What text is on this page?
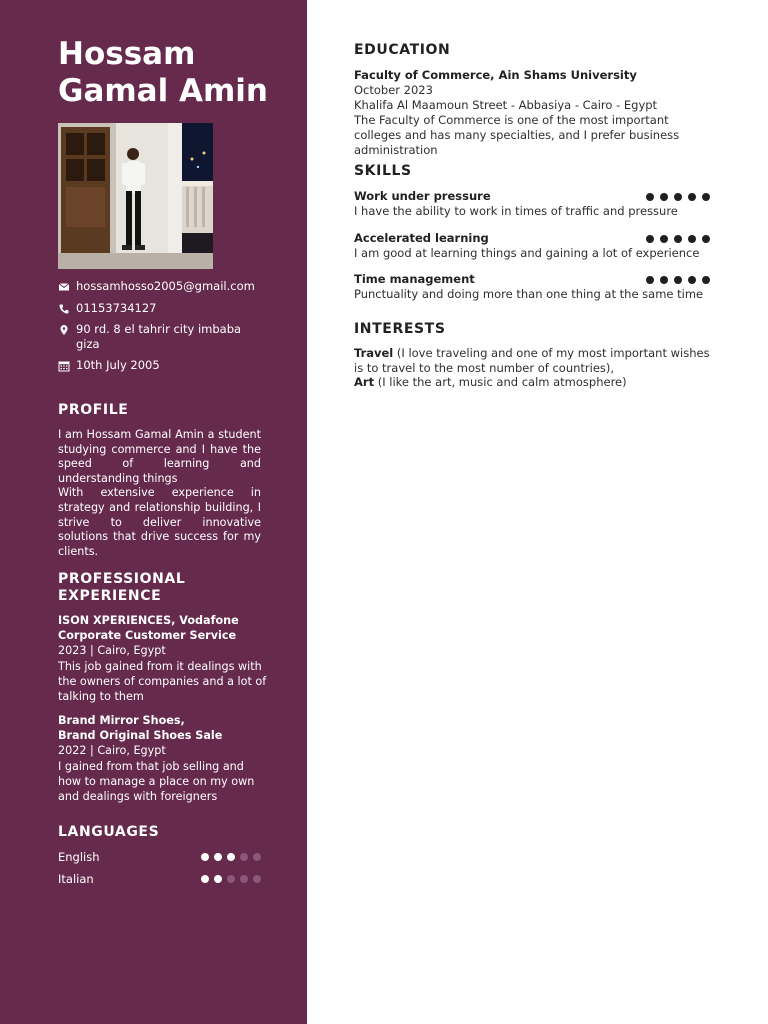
Hossam
Gamal Amin
hossamhosso2005@gmail.com
01153734127
90 rd. 8 el tahrir city imbaba giza
10th July 2005
PROFILE

I am Hossam Gamal Amin a student studying commerce and I have the speed of learning and understanding things

With extensive experience in strategy and relationship building, I strive to deliver innovative solutions that drive success for my clients.

PROFESSIONAL EXPERIENCE
ISON XPERIENCES, Vodafone
Corporate Customer Service
2023 | Cairo, Egypt
This job gained from it dealings with the owners of companies and a lot of talking to them
Brand Mirror Shoes,
Brand Original Shoes Sale
2022 | Cairo, Egypt
I gained from that job selling and how to manage a place on my own and dealings with foreigners
LANGUAGES
English
Italian
EDUCATION
Faculty of Commerce, Ain Shams University
October 2023
Khalifa Al Maamoun Street - Abbasiya - Cairo - Egypt
The Faculty of Commerce is one of the most important colleges and has many specialties, and I prefer business administration
SKILLS
Work under pressure
I have the ability to work in times of traffic and pressure
Accelerated learning
I am good at learning things and gaining a lot of experience
Time management
Punctuality and doing more than one thing at the same time
INTERESTS

Travel (I love traveling and one of my most important wishes is to travel to the most number of countries),

Art (I like the art, music and calm atmosphere)
